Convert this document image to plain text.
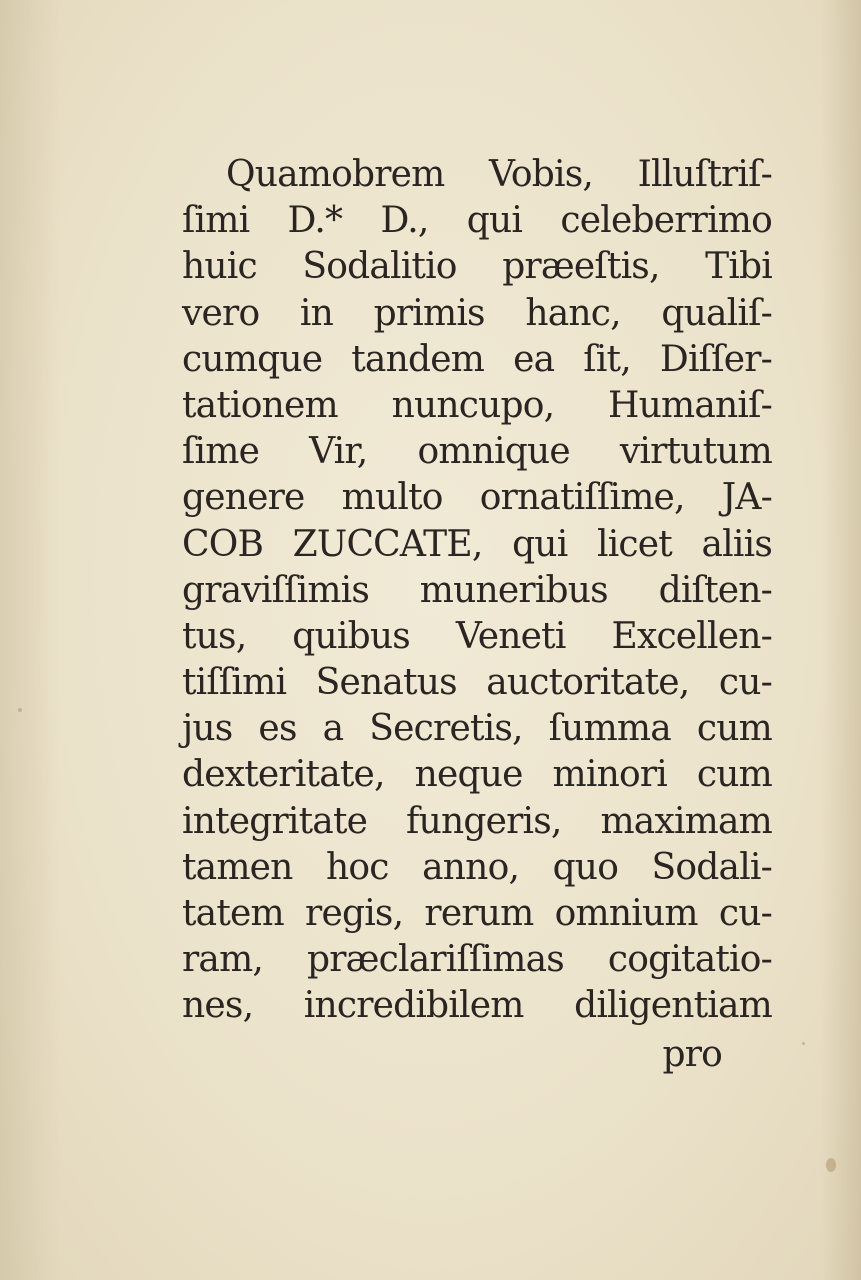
Quamobrem Vobis, Illuſtriſ-
ſimi D.* D., qui celeberrimo
huic Sodalitio præeſtis, Tibi
vero in primis hanc, qualiſ-
cumque tandem ea ſit, Diſſer-
tationem nuncupo, Humaniſ-
ſime Vir, omnique virtutum
genere multo ornatiſſime, JA-
COB ZUCCATE, qui licet aliis
graviſſimis muneribus diſten-
tus, quibus Veneti Excellen-
tiſſimi Senatus auctoritate, cu-
jus es a Secretis, ſumma cum
dexteritate, neque minori cum
integritate fungeris, maximam
tamen hoc anno, quo Sodali-
tatem regis, rerum omnium cu-
ram, præclariſſimas cogitatio-
nes, incredibilem diligentiam
pro
